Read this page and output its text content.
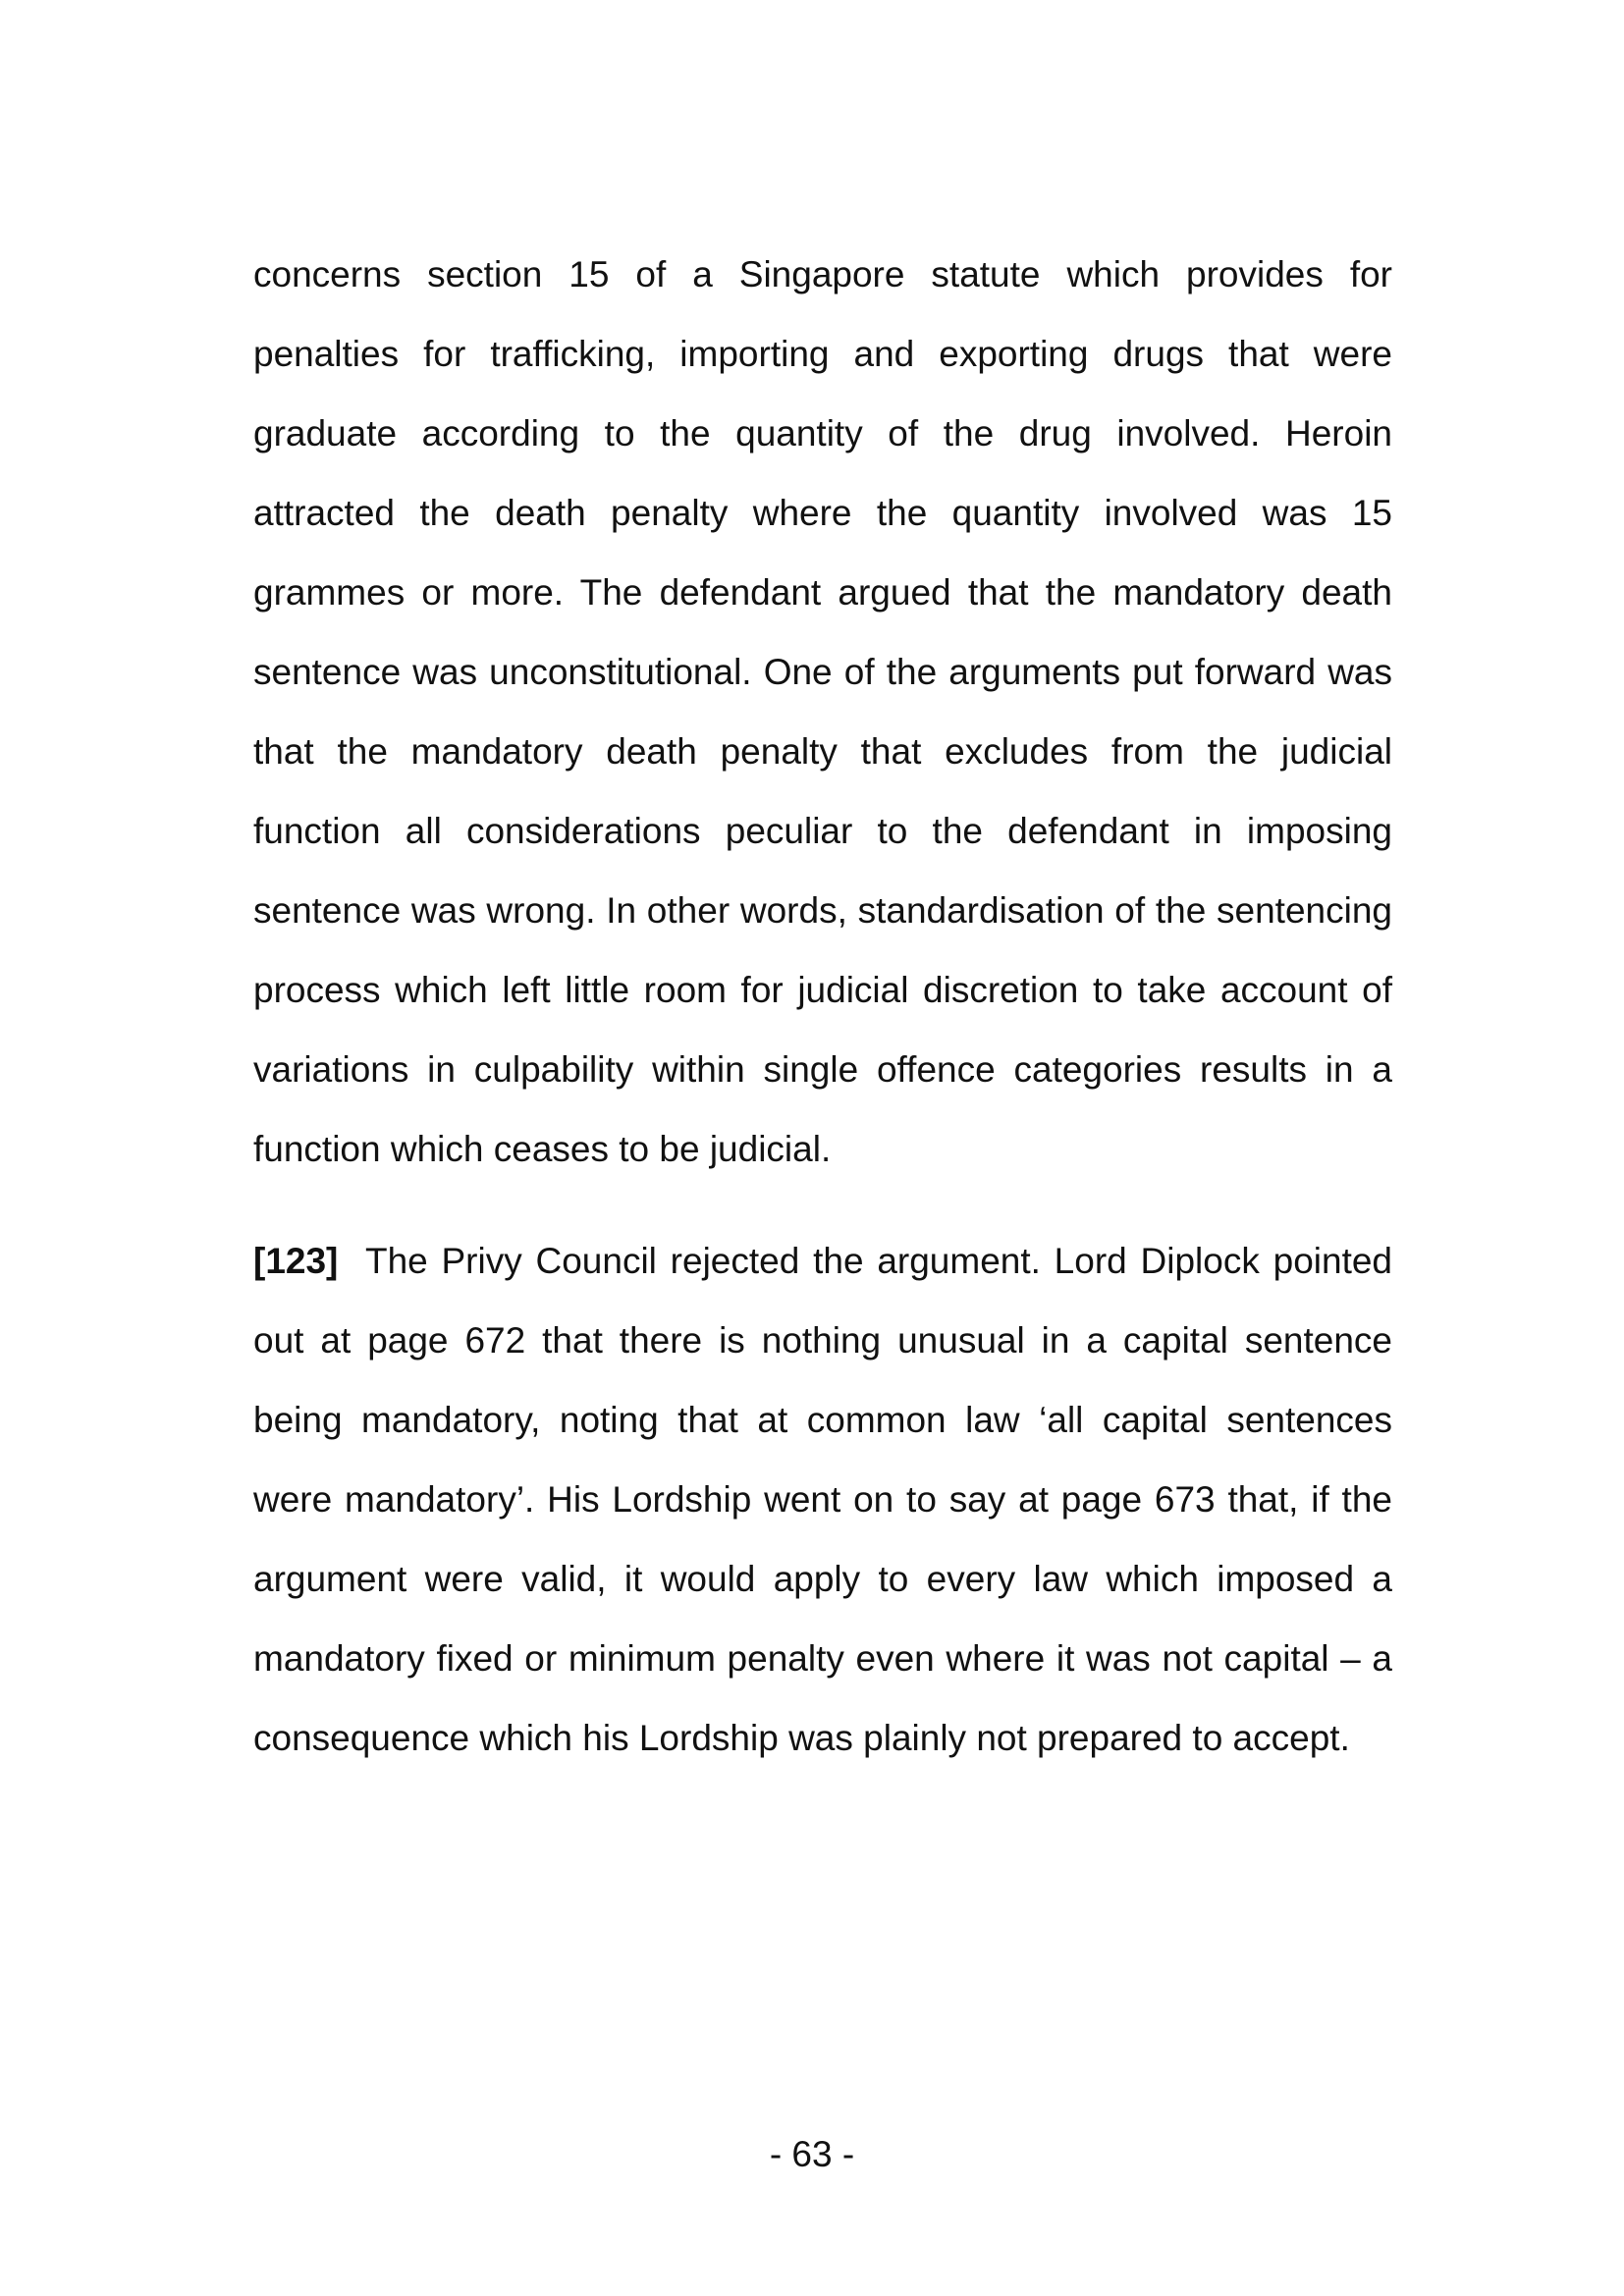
concerns section 15 of a Singapore statute which provides for penalties for trafficking, importing and exporting drugs that were graduate according to the quantity of the drug involved. Heroin attracted the death penalty where the quantity involved was 15 grammes or more. The defendant argued that the mandatory death sentence was unconstitutional. One of the arguments put forward was that the mandatory death penalty that excludes from the judicial function all considerations peculiar to the defendant in imposing sentence was wrong. In other words, standardisation of the sentencing process which left little room for judicial discretion to take account of variations in culpability within single offence categories results in a function which ceases to be judicial.

[123] The Privy Council rejected the argument. Lord Diplock pointed out at page 672 that there is nothing unusual in a capital sentence being mandatory, noting that at common law ‘all capital sentences were mandatory’. His Lordship went on to say at page 673 that, if the argument were valid, it would apply to every law which imposed a mandatory fixed or minimum penalty even where it was not capital – a consequence which his Lordship was plainly not prepared to accept.

- 63 -
